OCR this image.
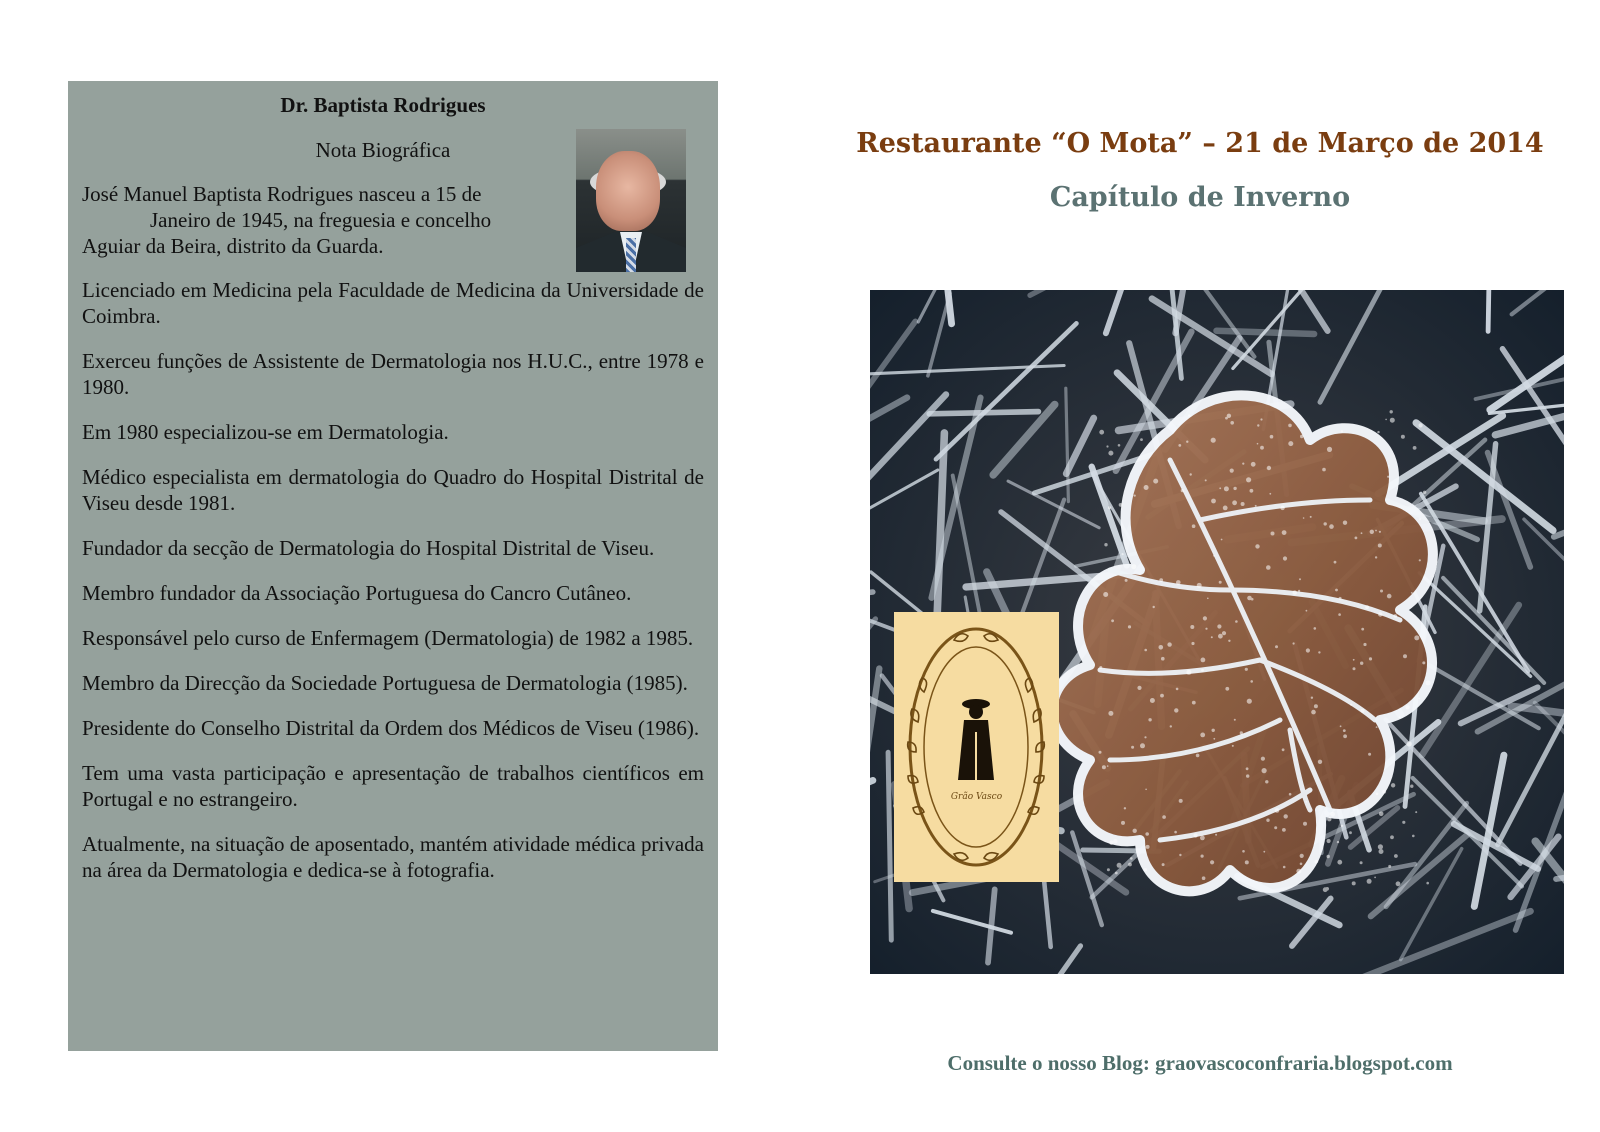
Dr. Baptista Rodrigues

Nota Biográfica

José Manuel Baptista Rodrigues nasceu a 15 de
Janeiro de 1945, na freguesia e concelho
Aguiar da Beira, distrito da Guarda.

Licenciado em Medicina pela Faculdade de Medicina da Universidade de Coimbra.

Exerceu funções de Assistente de Dermatologia nos H.U.C., entre 1978 e 1980.

Em 1980 especializou-se em Dermatologia.

Médico especialista em dermatologia do Quadro do Hospital Distrital de Viseu desde 1981.

Fundador da secção de Dermatologia do Hospital Distrital de Viseu.

Membro fundador da Associação Portuguesa do Cancro Cutâneo.

Responsável pelo curso de Enfermagem (Dermatologia) de 1982 a 1985.

Membro da Direcção da Sociedade Portuguesa de Dermatologia (1985).

Presidente do Conselho Distrital da Ordem dos Médicos de Viseu (1986).

Tem uma vasta participação e apresentação de trabalhos científicos em Portugal e no estrangeiro.

Atualmente, na situação de aposentado, mantém atividade médica privada na área da Dermatologia e dedica-se à fotografia.

Restaurante “O Mota” – 21 de Março de 2014

Capítulo de Inverno

Grão Vasco

Consulte o nosso Blog: graovascoconfraria.blogspot.com
